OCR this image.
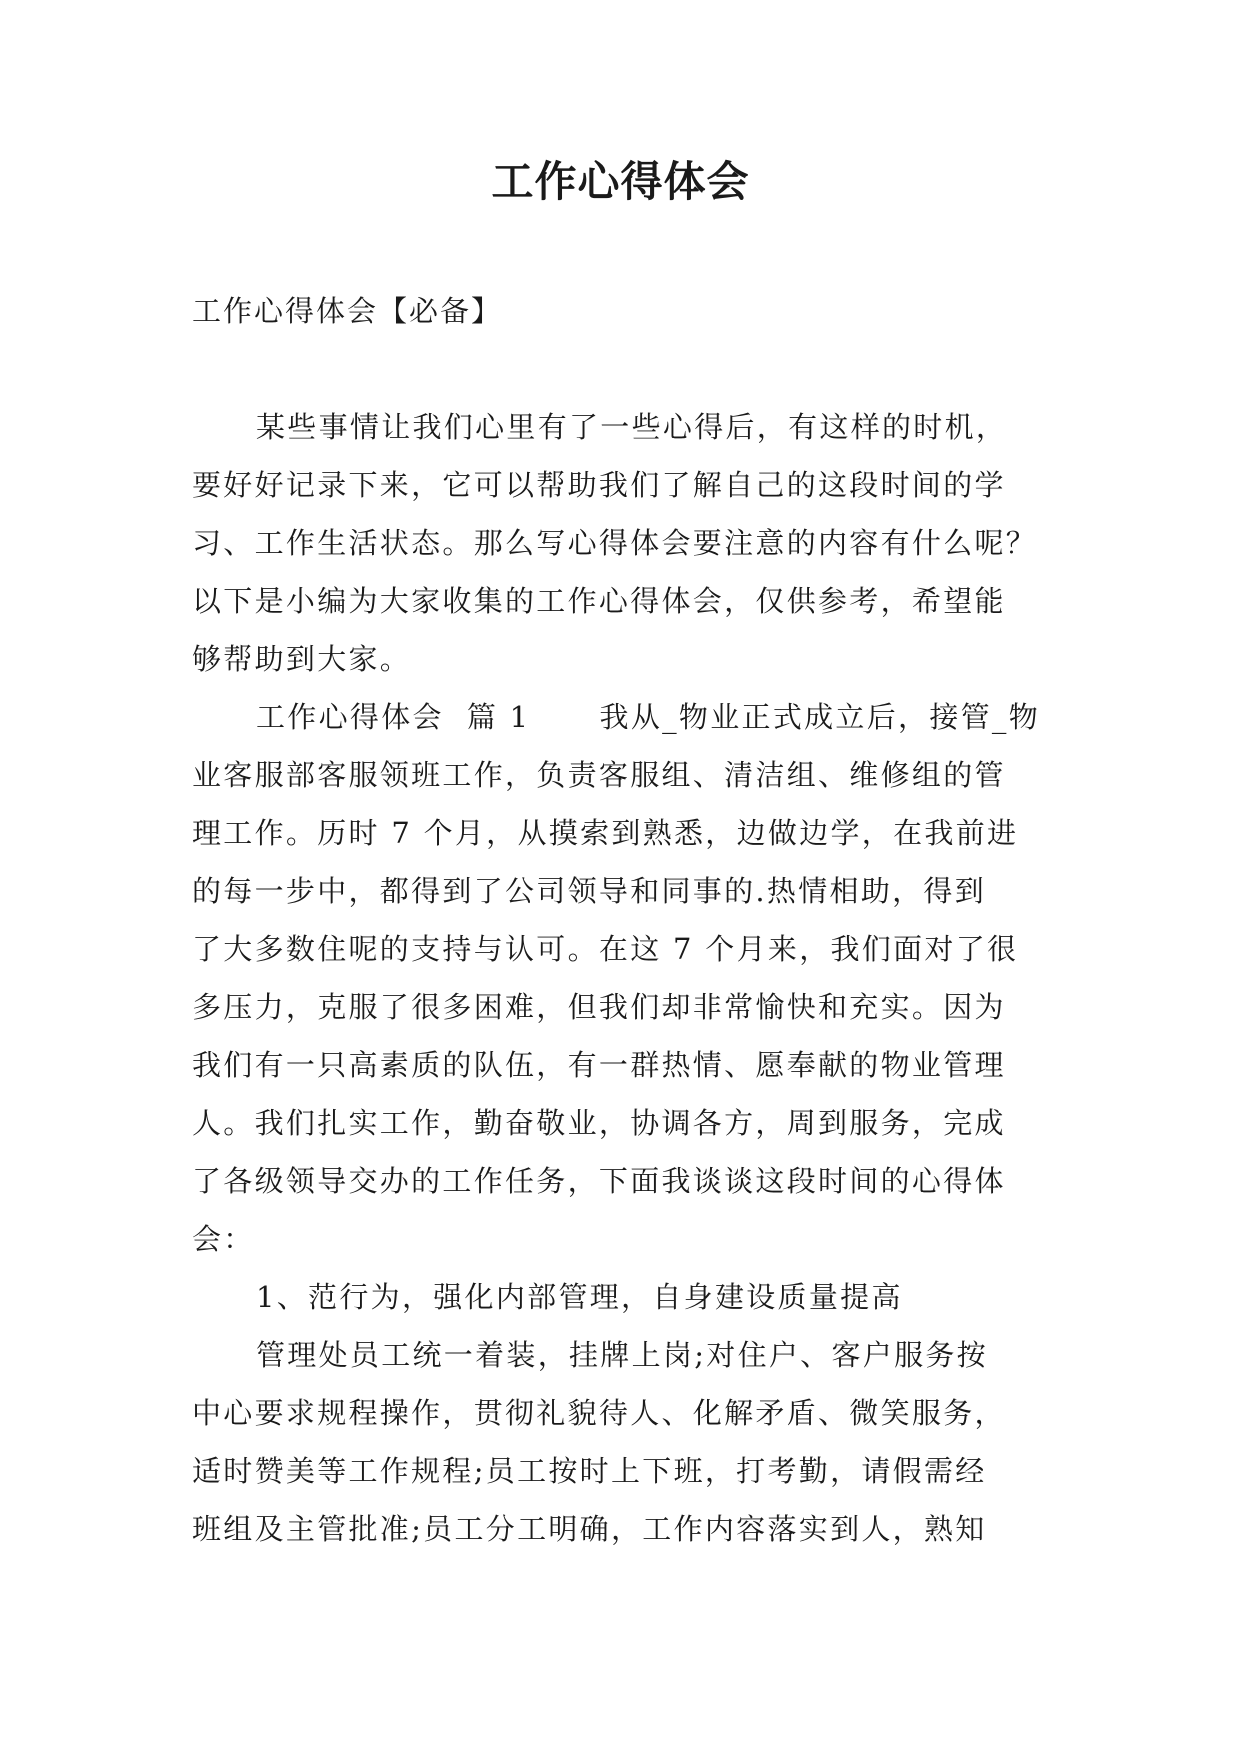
工作心得体会

工作心得体会【必备】

某些事情让我们心里有了一些心得后，有这样的时机，

要好好记录下来，它可以帮助我们了解自己的这段时间的学

习、工作生活状态。那么写心得体会要注意的内容有什么呢？

以下是小编为大家收集的工作心得体会，仅供参考，希望能

够帮助到大家。

工作心得体会  篇 1      我从_物业正式成立后，接管_物

业客服部客服领班工作，负责客服组、清洁组、维修组的管

理工作。历时 7 个月，从摸索到熟悉，边做边学，在我前进

的每一步中，都得到了公司领导和同事的.热情相助，得到

了大多数住呢的支持与认可。在这 7 个月来，我们面对了很

多压力，克服了很多困难，但我们却非常愉快和充实。因为

我们有一只高素质的队伍，有一群热情、愿奉献的物业管理

人。我们扎实工作，勤奋敬业，协调各方，周到服务，完成

了各级领导交办的工作任务，下面我谈谈这段时间的心得体

会：

1、范行为，强化内部管理，自身建设质量提高

管理处员工统一着装，挂牌上岗;对住户、客户服务按

中心要求规程操作，贯彻礼貌待人、化解矛盾、微笑服务，

适时赞美等工作规程;员工按时上下班，打考勤，请假需经

班组及主管批准;员工分工明确，工作内容落实到人，熟知
